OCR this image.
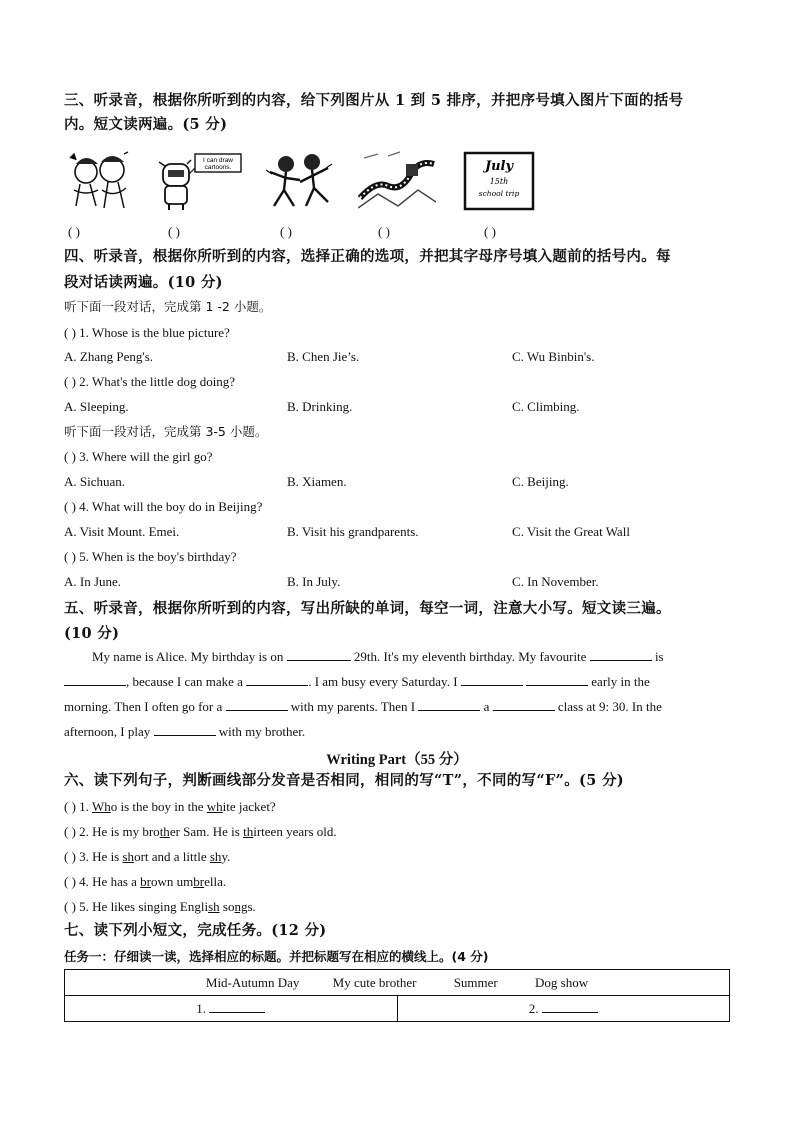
三、听录音，根据你所听到的内容，给下列图片从 1 到 5 排序，并把序号填入图片下面的括号
内。短文读两遍。(5 分)
I can draw
cartoons.	July
15th
school trip
( )	( )	( )	( )	( )
四、听录音，根据你所听到的内容，选择正确的选项，并把其字母序号填入题前的括号内。每
段对话读两遍。(10 分)
听下面一段对话，完成第 1 -2 小题。
( ) 1. Whose is the blue picture?
A. Zhang Peng's.	B. Chen Jie’s.	C. Wu Binbin's.
( ) 2. What's the little dog doing?
A. Sleeping.	B. Drinking.	C. Climbing.
听下面一段对话，完成第 3-5 小题。
( ) 3. Where will the girl go?
A. Sichuan.	B. Xiamen.	C. Beijing.
( ) 4. What will the boy do in Beijing?
A. Visit Mount. Emei.	B. Visit his grandparents.	C. Visit the Great Wall
( ) 5. When is the boy's birthday?
A. In June.	B. In July.	C. In November.
五、听录音，根据你所听到的内容，写出所缺的单词，每空一词，注意大小写。短文读三遍。
(10 分)
My name is Alice. My birthday is on	29th. It's my eleventh birthday. My favourite	is
, because I can make a	. I am busy every Saturday. I	early in the
morning. Then I often go for a	with my parents. Then I	a	class at 9: 30. In the
afternoon, I play	with my brother.
Writing Part（55 分）
六、读下列句子，判断画线部分发音是否相同，相同的写“T”，不同的写“F”。(5 分)
( ) 1. Who is the boy in the white jacket?
( ) 2. He is my brother Sam. He is thirteen years old.
( ) 3. He is short and a little shy.
( ) 4. He has a brown umbrella.
( ) 5. He likes singing English songs.
七、读下列小短文，完成任务。(12 分)
任务一：仔细读一读，选择相应的标题。并把标题写在相应的横线上。(4 分)
Mid-Autumn Day	My cute brother	Summer	Dog show
1.	2.
